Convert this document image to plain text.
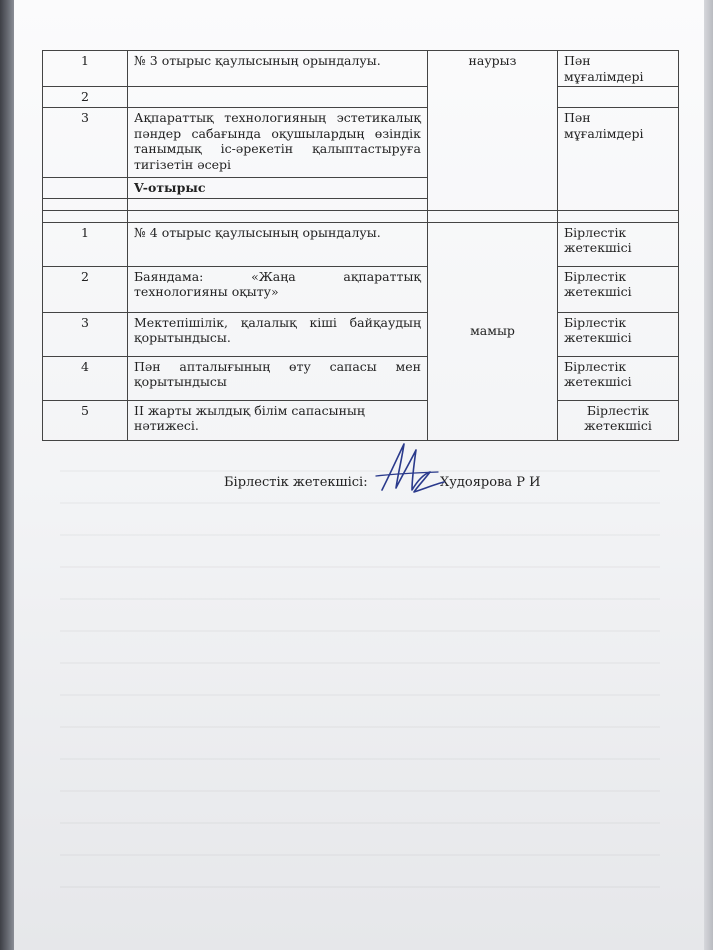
1	№ 3 отырыс қаулысының орындалуы.	наурыз	Пән мұғалімдері
2			
3	Ақпараттық технологияның эстетикалық пәндер сабағында оқушылардың өзіндік танымдық іс-әрекетін қалыптастыруға тигізетін әсері		Пән мұғалімдері
	V-отырыс		

1	№ 4 отырыс қаулысының орындалуы.	мамыр	Бірлестік жетекшісі
2	Баяндама: «Жаңа ақпараттық технологияны оқыту»		Бірлестік жетекшісі
3	Мектепішілік, қалалық кіші байқаудың қорытындысы.		Бірлестік жетекшісі
4	Пән апталығының өту сапасы мен қорытындысы		Бірлестік жетекшісі
5	ІІ жарты жылдық білім сапасының нәтижесі.		Бірлестік жетекшісі
Бірлестік жетекшісі:	Худоярова Р И
